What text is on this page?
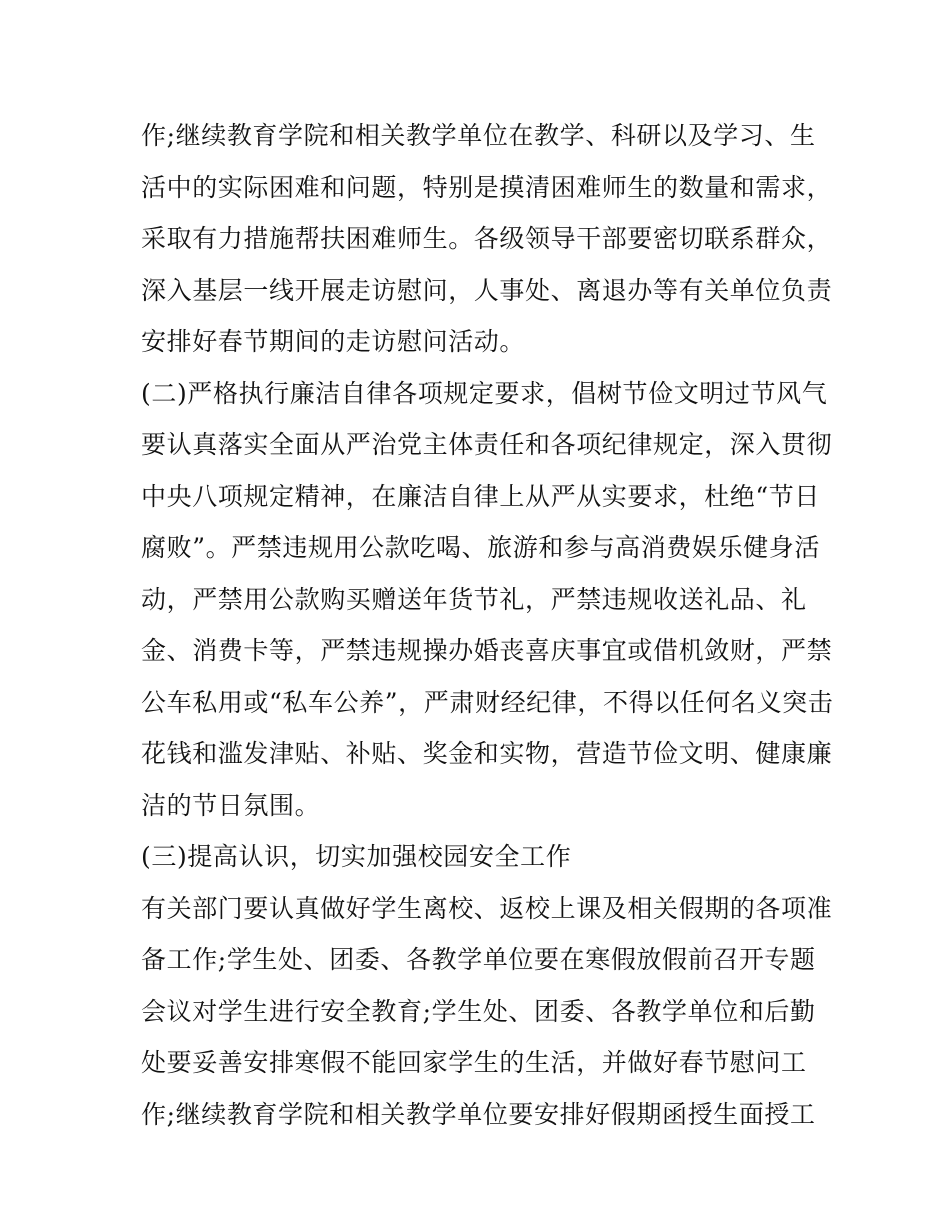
作;继续教育学院和相关教学单位在教学、科研以及学习、生
活中的实际困难和问题，特别是摸清困难师生的数量和需求，
采取有力措施帮扶困难师生。各级领导干部要密切联系群众，
深入基层一线开展走访慰问，人事处、离退办等有关单位负责
安排好春节期间的走访慰问活动。
(二)严格执行廉洁自律各项规定要求，倡树节俭文明过节风气
要认真落实全面从严治党主体责任和各项纪律规定，深入贯彻
中央八项规定精神，在廉洁自律上从严从实要求，杜绝“节日
腐败”。严禁违规用公款吃喝、旅游和参与高消费娱乐健身活
动，严禁用公款购买赠送年货节礼，严禁违规收送礼品、礼
金、消费卡等，严禁违规操办婚丧喜庆事宜或借机敛财，严禁
公车私用或“私车公养”，严肃财经纪律，不得以任何名义突击
花钱和滥发津贴、补贴、奖金和实物，营造节俭文明、健康廉
洁的节日氛围。
(三)提高认识，切实加强校园安全工作
有关部门要认真做好学生离校、返校上课及相关假期的各项准
备工作;学生处、团委、各教学单位要在寒假放假前召开专题
会议对学生进行安全教育;学生处、团委、各教学单位和后勤
处要妥善安排寒假不能回家学生的生活，并做好春节慰问工
作;继续教育学院和相关教学单位要安排好假期函授生面授工
